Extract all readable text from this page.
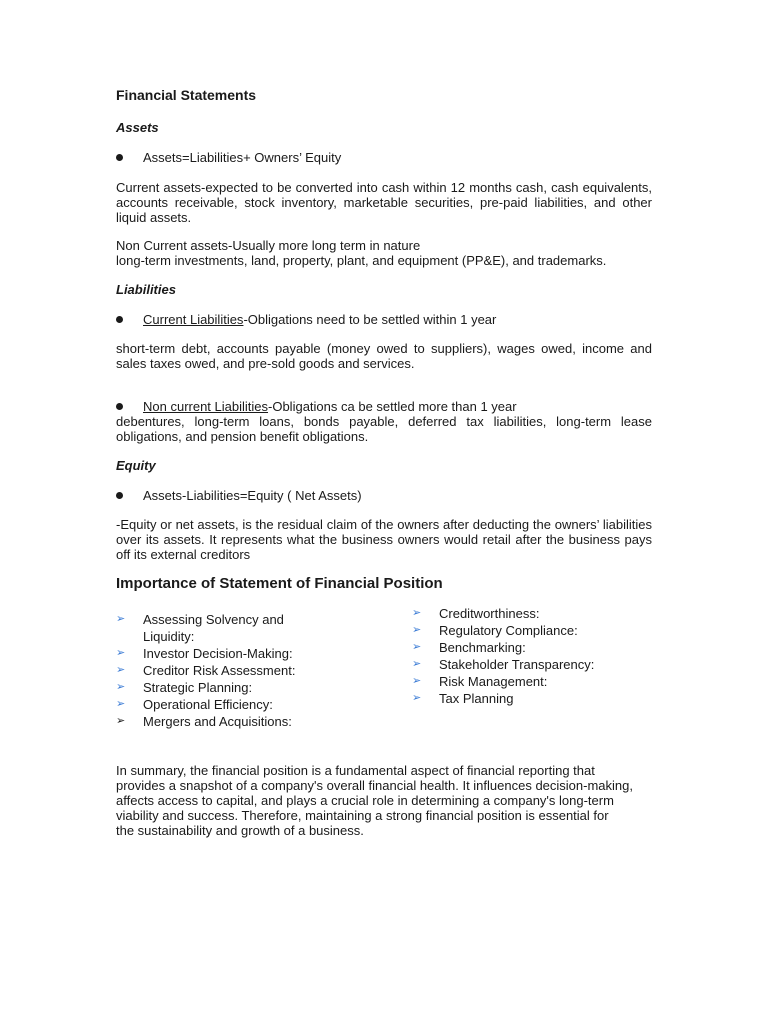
Financial Statements
Assets
Assets=Liabilities+ Owners’ Equity
Current assets-expected to be converted into cash within 12 months cash, cash equivalents, accounts receivable, stock inventory, marketable securities, pre-paid liabilities, and other liquid assets.
Non Current assets-Usually more long term in nature
long-term investments, land, property, plant, and equipment (PP&E), and trademarks.
Liabilities
Current Liabilities-Obligations need to be settled within 1 year
short-term debt, accounts payable (money owed to suppliers), wages owed, income and sales taxes owed, and pre-sold goods and services.
Non current Liabilities-Obligations ca be settled more than 1 year
debentures, long-term loans, bonds payable, deferred tax liabilities, long-term lease obligations, and pension benefit obligations.
Equity
Assets-Liabilities=Equity ( Net Assets)
-Equity or net assets, is the residual claim of the owners after deducting the owners’ liabilities over its assets. It represents what the business owners would retail after the business pays off its external creditors
Importance of Statement of Financial Position
➢ Assessing Solvency and Liquidity:
➢ Investor Decision-Making:
➢ Creditor Risk Assessment:
➢ Strategic Planning:
➢ Operational Efficiency:
➢ Mergers and Acquisitions:
➢ Creditworthiness:
➢ Regulatory Compliance:
➢ Benchmarking:
➢ Stakeholder Transparency:
➢ Risk Management:
➢ Tax Planning
In summary, the financial position is a fundamental aspect of financial reporting that
provides a snapshot of a company's overall financial health. It influences decision-making,
affects access to capital, and plays a crucial role in determining a company's long-term
viability and success. Therefore, maintaining a strong financial position is essential for
the sustainability and growth of a business.
